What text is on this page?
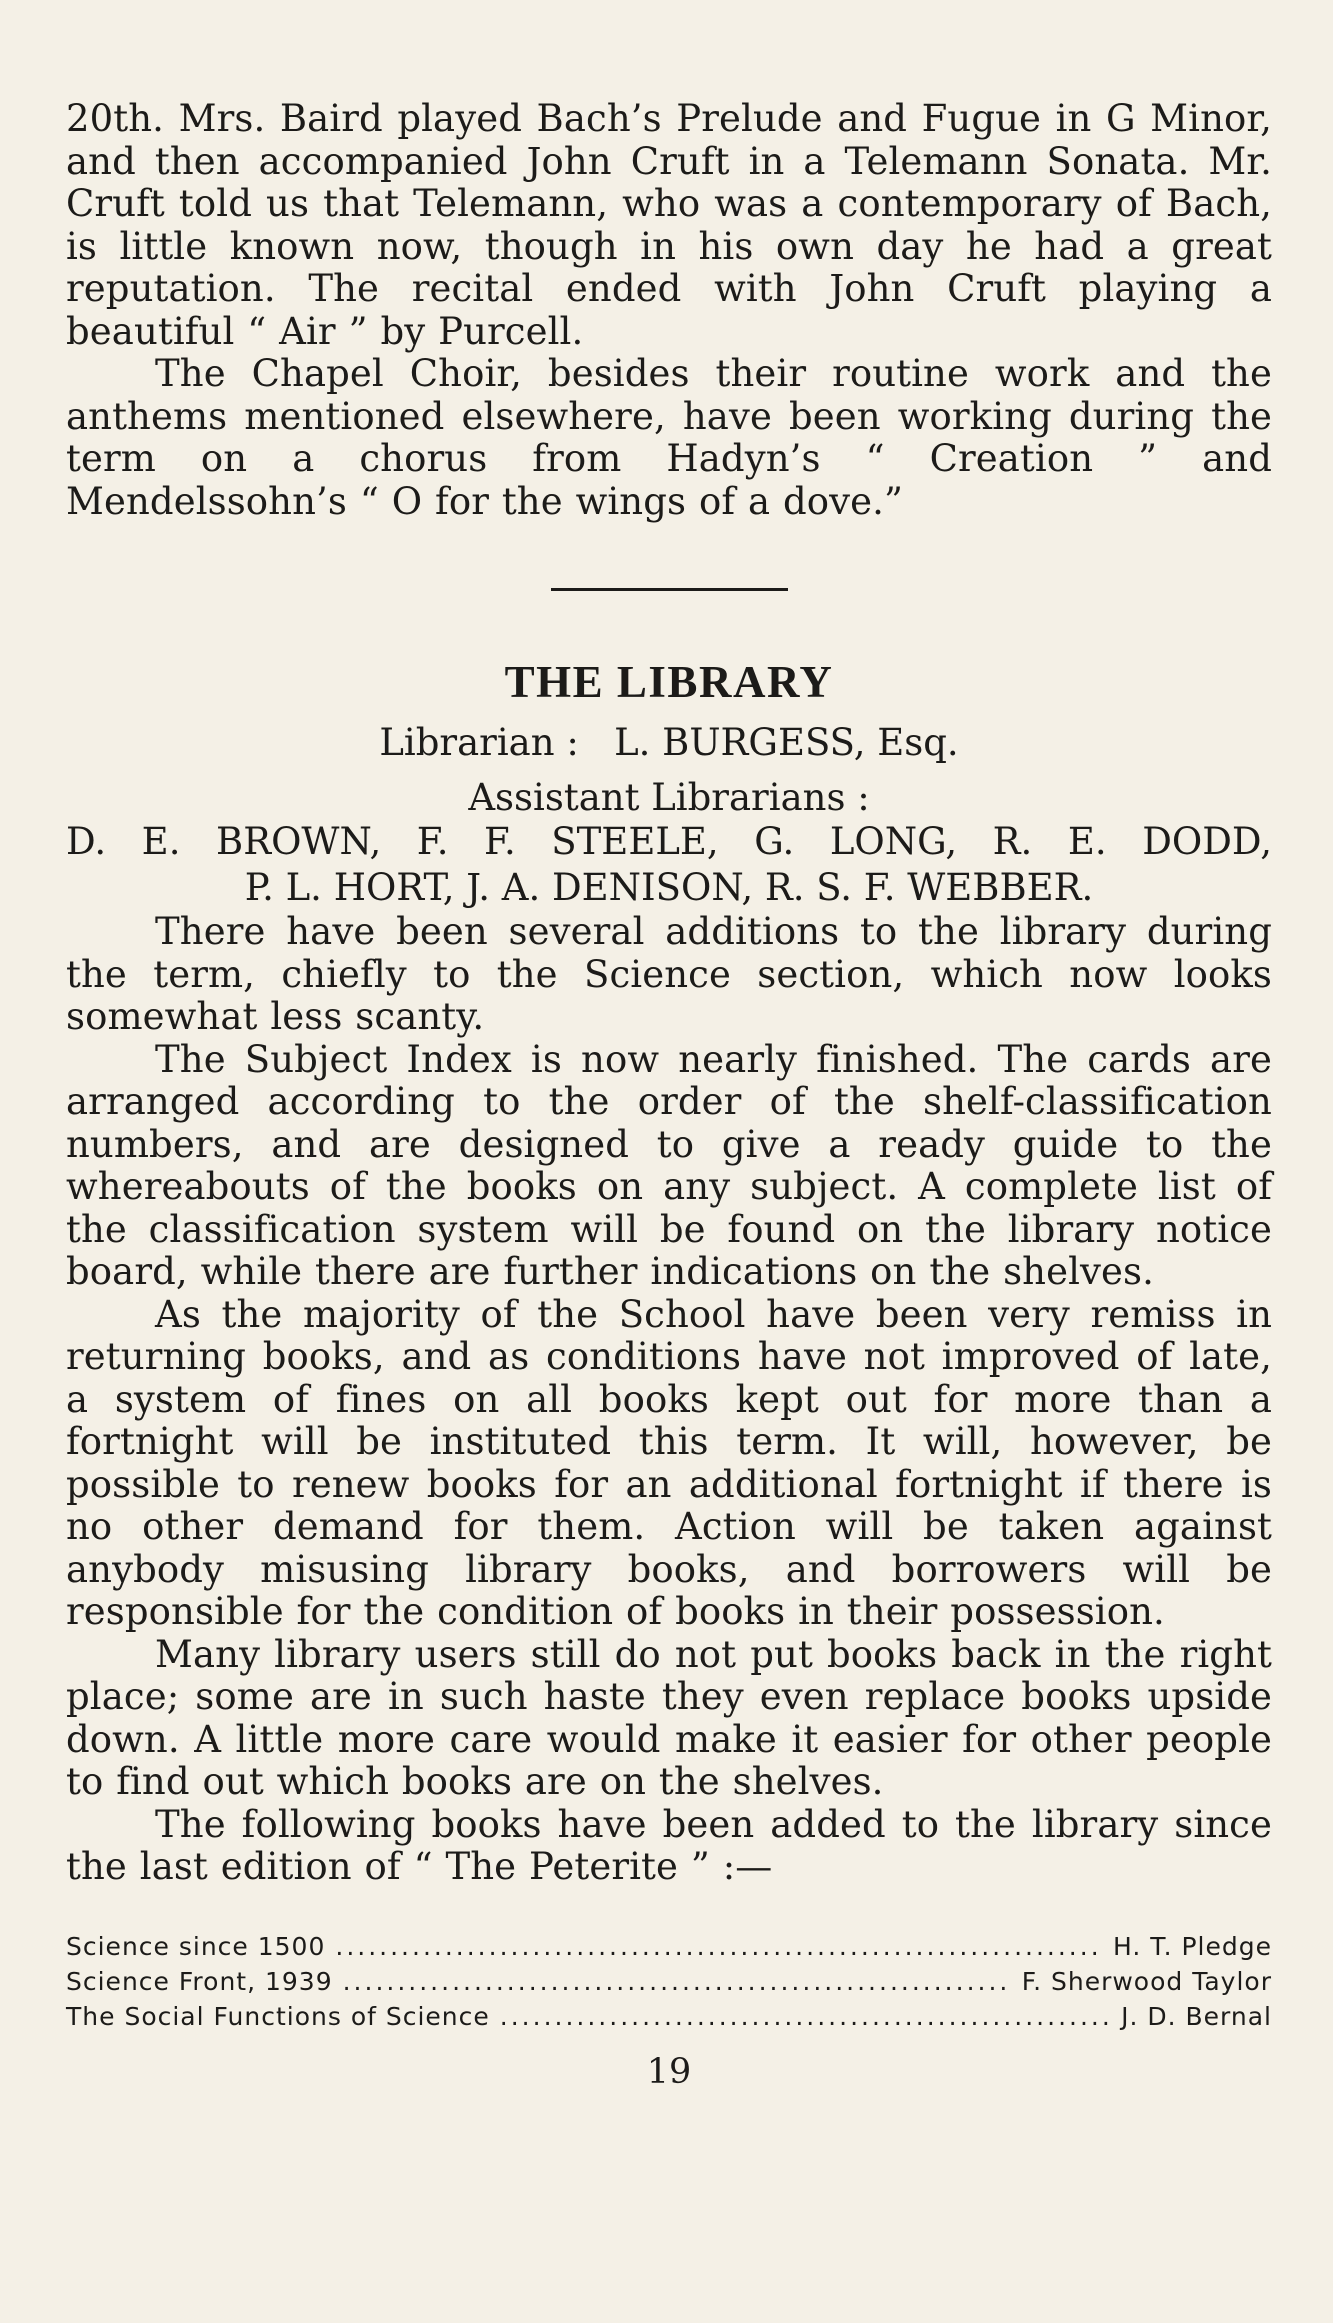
20th. Mrs. Baird played Bach’s Prelude and Fugue in G Minor, and then accompanied John Cruft in a Telemann Sonata. Mr. Cruft told us that Telemann, who was a contemporary of Bach, is little known now, though in his own day he had a great reputation. The recital ended with John Cruft playing a beautiful “ Air ” by Purcell.

The Chapel Choir, besides their routine work and the anthems mentioned elsewhere, have been working during the term on a chorus from Hadyn’s “ Creation ” and Mendelssohn’s “ O for the wings of a dove.”

THE LIBRARY

Librarian :   L. BURGESS, Esq.

Assistant Librarians :

D. E. BROWN, F. F. STEELE, G. LONG, R. E. DODD,
P. L. HORT, J. A. DENISON, R. S. F. WEBBER.

There have been several additions to the library during the term, chiefly to the Science section, which now looks somewhat less scanty.

The Subject Index is now nearly finished. The cards are arranged according to the order of the shelf-classification numbers, and are designed to give a ready guide to the whereabouts of the books on any subject. A complete list of the classification system will be found on the library notice board, while there are further indications on the shelves.

As the majority of the School have been very remiss in returning books, and as conditions have not improved of late, a system of fines on all books kept out for more than a fortnight will be instituted this term. It will, however, be possible to renew books for an additional fortnight if there is no other demand for them. Action will be taken against anybody misusing library books, and borrowers will be responsible for the condition of books in their possession.

Many library users still do not put books back in the right place; some are in such haste they even replace books upside down. A little more care would make it easier for other people to find out which books are on the shelves.

The following books have been added to the library since the last edition of “ The Peterite ” :—

Science since 1500 .....	H. T. Pledge
Science Front, 1939 .....	F. Sherwood Taylor
The Social Functions of Science .....	J. D. Bernal
19
